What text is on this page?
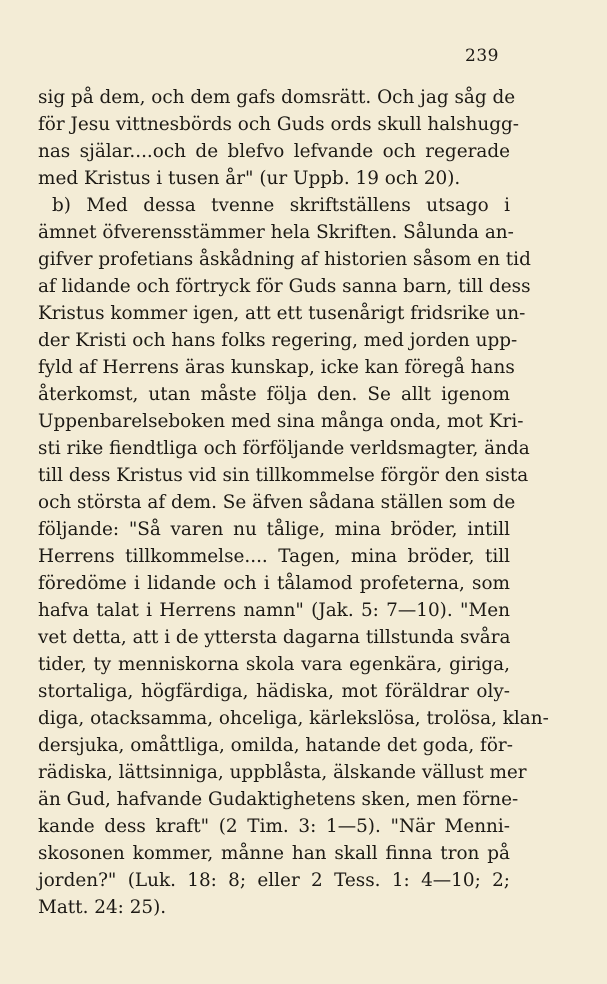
239
sig på dem, och dem gafs domsrätt. Och jag såg de
för Jesu vittnesbörds och Guds ords skull halshugg-
nas själar....och de blefvo lefvande och regerade
med Kristus i tusen år" (ur Uppb. 19 och 20).
b) Med dessa tvenne skriftställens utsago i
ämnet öfverensstämmer hela Skriften. Sålunda an-
gifver profetians åskådning af historien såsom en tid
af lidande och förtryck för Guds sanna barn, till dess
Kristus kommer igen, att ett tusenårigt fridsrike un-
der Kristi och hans folks regering, med jorden upp-
fyld af Herrens äras kunskap, icke kan föregå hans
återkomst, utan måste följa den. Se allt igenom
Uppenbarelseboken med sina många onda, mot Kri-
sti rike fiendtliga och förföljande verldsmagter, ända
till dess Kristus vid sin tillkommelse förgör den sista
och största af dem. Se äfven sådana ställen som de
följande: "Så varen nu tålige, mina bröder, intill
Herrens tillkommelse.... Tagen, mina bröder, till
föredöme i lidande och i tålamod profeterna, som
hafva talat i Herrens namn" (Jak. 5: 7—10). "Men
vet detta, att i de yttersta dagarna tillstunda svåra
tider, ty menniskorna skola vara egenkära, giriga,
stortaliga, högfärdiga, hädiska, mot föräldrar oly-
diga, otacksamma, ohceliga, kärlekslösa, trolösa, klan-
dersjuka, omåttliga, omilda, hatande det goda, för-
rädiska, lättsinniga, uppblåsta, älskande vällust mer
än Gud, hafvande Gudaktighetens sken, men förne-
kande dess kraft" (2 Tim. 3: 1—5). "När Menni-
skosonen kommer, månne han skall finna tron på
jorden?" (Luk. 18: 8; eller 2 Tess. 1: 4—10; 2;
Matt. 24: 25).
